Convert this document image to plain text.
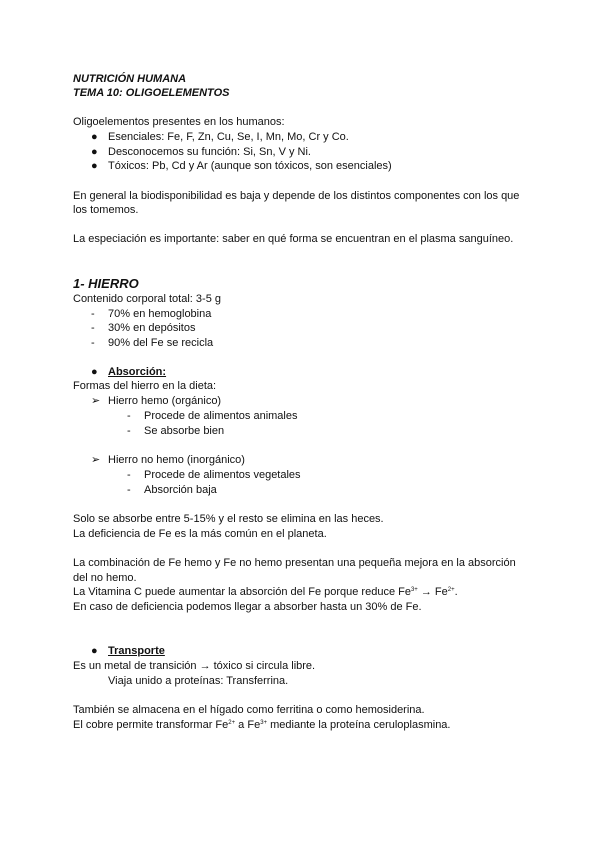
NUTRICIÓN HUMANA
TEMA 10: OLIGOELEMENTOS
Oligoelementos presentes en los humanos:
● Esenciales: Fe, F, Zn, Cu, Se, I, Mn, Mo, Cr y Co.
● Desconocemos su función: Si, Sn, V y Ni.
● Tóxicos: Pb, Cd y Ar (aunque son tóxicos, son esenciales)
En general la biodisponibilidad es baja y depende de los distintos componentes con los que
los tomemos.
La especiación es importante: saber en qué forma se encuentran en el plasma sanguíneo.
1- HIERRO
Contenido corporal total: 3-5 g
- 70% en hemoglobina
- 30% en depósitos
- 90% del Fe se recicla
● Absorción:
Formas del hierro en la dieta:
➢ Hierro hemo (orgánico)
- Procede de alimentos animales
- Se absorbe bien
➢ Hierro no hemo (inorgánico)
- Procede de alimentos vegetales
- Absorción baja
Solo se absorbe entre 5-15% y el resto se elimina en las heces.
La deficiencia de Fe es la más común en el planeta.
La combinación de Fe hemo y Fe no hemo presentan una pequeña mejora en la absorción
del no hemo.
La Vitamina C puede aumentar la absorción del Fe porque reduce $Fe^{3+} \to Fe^{2+}$.
En caso de deficiencia podemos llegar a absorber hasta un 30% de Fe.
● Transporte
Es un metal de transición → tóxico si circula libre.
Viaja unido a proteínas: Transferrina.
También se almacena en el hígado como ferritina o como hemosiderina.
El cobre permite transformar $Fe^{2+}$ a $Fe^{3+}$ mediante la proteína ceruloplasmina.
